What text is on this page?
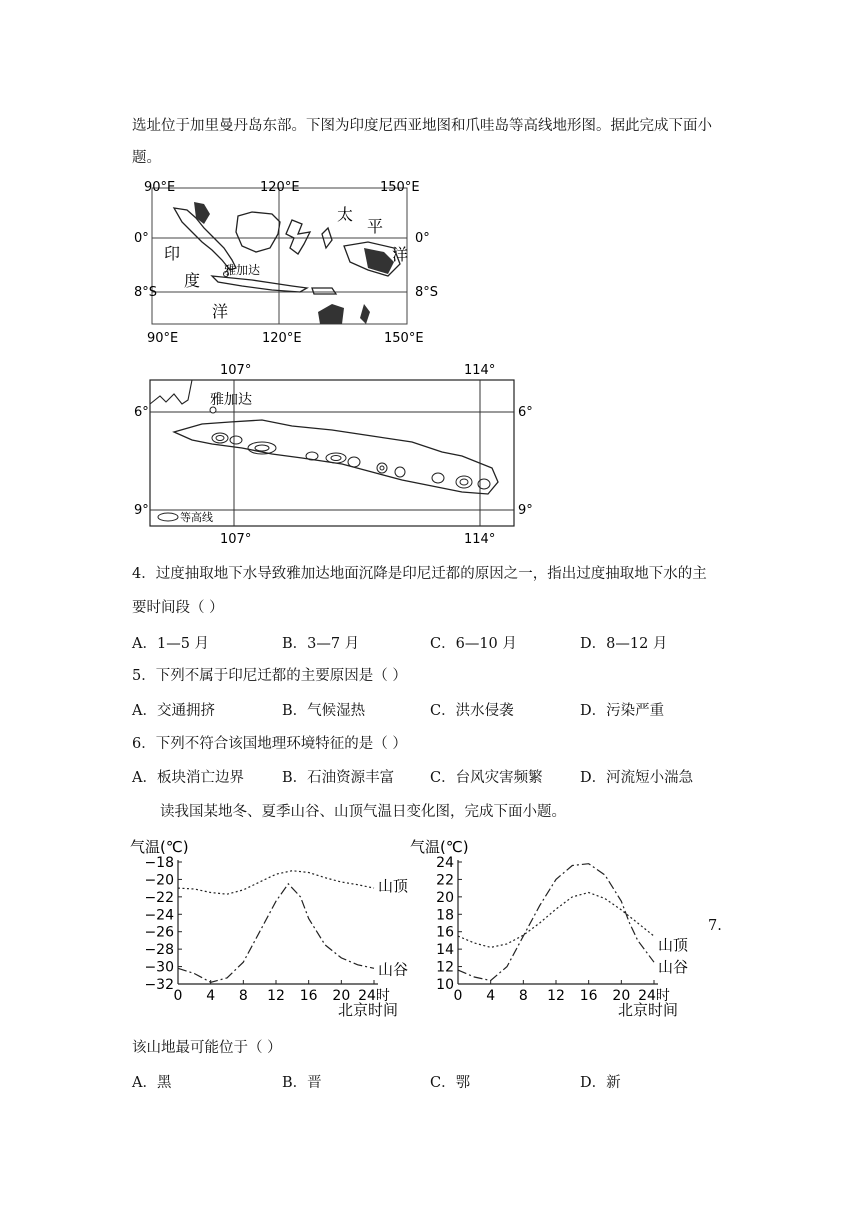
选址位于加里曼丹岛东部。下图为印度尼西亚地图和爪哇岛等高线地形图。据此完成下面小
题。
90°E	120°E	150°E
90°E	120°E	150°E
0°
8°S
0°
8°S
太
平
洋
印
度
洋
雅加达
107°	114°
107°	114°
6°
9°
6°
9°
雅加达
等高线
4．过度抽取地下水导致雅加达地面沉降是印尼迁都的原因之一，指出过度抽取地下水的主
要时间段（ ）
A．1—5 月	B．3—7 月	C．6—10 月	D．8—12 月
5．下列不属于印尼迁都的主要原因是（ ）
A．交通拥挤	B．气候湿热	C．洪水侵袭	D．污染严重
6．下列不符合该国地理环境特征的是（ ）
A．板块消亡边界	B．石油资源丰富 C．台风灾害频繁	D．河流短小湍急
读我国某地冬、夏季山谷、山顶气温日变化图，完成下面小题。
气温(℃)
−18
−20
−22
−24
−26
−28
−30
−32
0 4 8 12 16 20 24时
北京时间
山顶
山谷
气温(℃)
24
22
20
18
16
14
12
10
0 4 8 12 16 20 24时
北京时间
山顶
山谷
7.
该山地最可能位于（ ）
A．黑	B．晋	C．鄂	D．新
